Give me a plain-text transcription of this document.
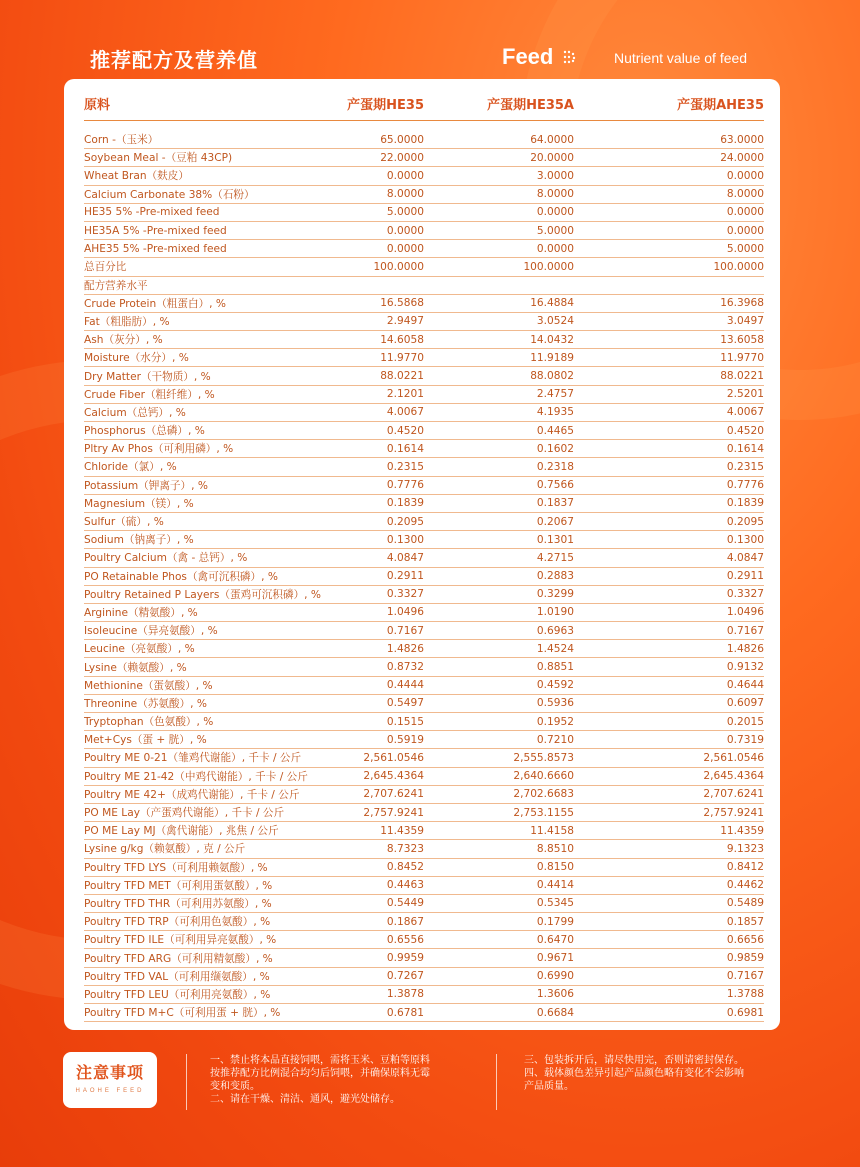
推荐配方及营养值	Feed	Nutrient value of feed
原料	产蛋期HE35	产蛋期HE35A	产蛋期AHE35

Corn -（玉米）	65.0000	64.0000	63.0000
Soybean Meal -（豆粕 43CP)	22.0000	20.0000	24.0000
Wheat Bran（麸皮）	0.0000	3.0000	0.0000
Calcium Carbonate 38%（石粉）	8.0000	8.0000	8.0000
HE35 5% -Pre-mixed feed	5.0000	0.0000	0.0000
HE35A 5% -Pre-mixed feed	0.0000	5.0000	0.0000
AHE35 5% -Pre-mixed feed	0.0000	0.0000	5.0000
总百分比	100.0000	100.0000	100.0000
配方营养水平			
Crude Protein（粗蛋白）, %	16.5868	16.4884	16.3968
Fat（粗脂肪）, %	2.9497	3.0524	3.0497
Ash（灰分）, %	14.6058	14.0432	13.6058
Moisture（水分）, %	11.9770	11.9189	11.9770
Dry Matter（干物质）, %	88.0221	88.0802	88.0221
Crude Fiber（粗纤维）, %	2.1201	2.4757	2.5201
Calcium（总钙）, %	4.0067	4.1935	4.0067
Phosphorus（总磷）, %	0.4520	0.4465	0.4520
Pltry Av Phos（可利用磷）, %	0.1614	0.1602	0.1614
Chloride（氯）, %	0.2315	0.2318	0.2315
Potassium（钾离子）, %	0.7776	0.7566	0.7776
Magnesium（镁）, %	0.1839	0.1837	0.1839
Sulfur（硫）, %	0.2095	0.2067	0.2095
Sodium（钠离子）, %	0.1300	0.1301	0.1300
Poultry Calcium（禽 - 总钙）, %	4.0847	4.2715	4.0847
PO Retainable Phos（禽可沉积磷）, %	0.2911	0.2883	0.2911
Poultry Retained P Layers（蛋鸡可沉积磷）, %	0.3327	0.3299	0.3327
Arginine（精氨酸）, %	1.0496	1.0190	1.0496
Isoleucine（异亮氨酸）, %	0.7167	0.6963	0.7167
Leucine（亮氨酸）, %	1.4826	1.4524	1.4826
Lysine（赖氨酸）, %	0.8732	0.8851	0.9132
Methionine（蛋氨酸）, %	0.4444	0.4592	0.4644
Threonine（苏氨酸）, %	0.5497	0.5936	0.6097
Tryptophan（色氨酸）, %	0.1515	0.1952	0.2015
Met+Cys（蛋 + 胱）, %	0.5919	0.7210	0.7319
Poultry ME 0-21（雏鸡代谢能）, 千卡 / 公斤	2,561.0546	2,555.8573	2,561.0546
Poultry ME 21-42（中鸡代谢能）, 千卡 / 公斤	2,645.4364	2,640.6660	2,645.4364
Poultry ME 42+（成鸡代谢能）, 千卡 / 公斤	2,707.6241	2,702.6683	2,707.6241
PO ME Lay（产蛋鸡代谢能）, 千卡 / 公斤	2,757.9241	2,753.1155	2,757.9241
PO ME Lay MJ（禽代谢能）, 兆焦 / 公斤	11.4359	11.4158	11.4359
Lysine g/kg（赖氨酸）, 克 / 公斤	8.7323	8.8510	9.1323
Poultry TFD LYS（可利用赖氨酸）, %	0.8452	0.8150	0.8412
Poultry TFD MET（可利用蛋氨酸）, %	0.4463	0.4414	0.4462
Poultry TFD THR（可利用苏氨酸）, %	0.5449	0.5345	0.5489
Poultry TFD TRP（可利用色氨酸）, %	0.1867	0.1799	0.1857
Poultry TFD ILE（可利用异亮氨酸）, %	0.6556	0.6470	0.6656
Poultry TFD ARG（可利用精氨酸）, %	0.9959	0.9671	0.9859
Poultry TFD VAL（可利用缬氨酸）, %	0.7267	0.6990	0.7167
Poultry TFD LEU（可利用亮氨酸）, %	1.3878	1.3606	1.3788
Poultry TFD M+C（可利用蛋 + 胱）, %	0.6781	0.6684	0.6981
注意事项
HAOHE FEED
一、禁止将本品直接饲喂，需将玉米、豆粕等原料
按推荐配方比例混合均匀后饲喂，并确保原料无霉
变和变质。
二、请在干燥、清洁、通风，避光处储存。
三、包装拆开后，请尽快用完，否则请密封保存。
四、载体颜色差异引起产品颜色略有变化不会影响
产品质量。
